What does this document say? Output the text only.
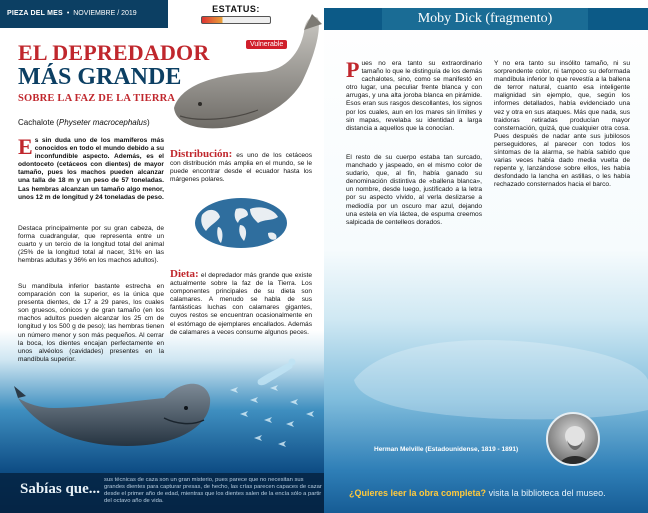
PIEZA DEL MES • NOVIEMBRE / 2019	ESTATUS:
Vulnerable
EL DEPREDADOR
MÁS GRANDE
SOBRE LA FAZ DE LA TIERRA
Cachalote (Physeter macrocephalus)
Es sin duda uno de los mamíferos más conocidos en todo el mundo debido a su inconfundible aspecto. Además, es el odontoceto (cetáceos con dientes) de mayor tamaño, pues los machos pueden alcanzar una talla de 18 m y un peso de 57 toneladas. Las hembras alcanzan un tamaño algo menor, unos 12 m de longitud y 24 toneladas de peso.
Destaca principalmente por su gran cabeza, de forma cuadrangular, que representa entre un cuarto y un tercio de la longitud total del animal (25% de la longitud total al nacer, 31% en las hembras adultas y 36% en los machos adultos).
Su mandíbula inferior bastante estrecha en comparación con la superior, es la única que presenta dientes, de 17 a 29 pares, los cuales son gruesos, cónicos y de gran tamaño (en los machos adultos pueden alcanzar los 25 cm de longitud y los 500 g de peso); las hembras tienen un número menor y son más pequeños. Al cerrar la boca, los dientes encajan perfectamente en unos alvéolos (cavidades) presentes en la mandíbula superior.
Distribución: es uno de los cetáceos con distribución más amplia en el mundo, se le puede encontrar desde el ecuador hasta los márgenes polares.
Dieta: el depredador más grande que existe actualmente sobre la faz de la Tierra. Los componentes principales de su dieta son calamares. A menudo se habla de sus fantásticas luchas con calamares gigantes, cuyos restos se encuentran ocasionalmente en el estómago de ejemplares encallados. Además de calamares a veces consume algunos peces.
Sabías que...
sus técnicas de caza son un gran misterio, pues parece que no necesitan sus grandes dientes para capturar presas, de hecho, las crías parecen capaces de cazar desde el primer año de edad, mientras que los dientes salen de la encía sólo a partir del octavo año de vida.
Moby Dick (fragmento)
Pues no era tanto su extraordinario tamaño lo que le distinguía de los demás cachalotes, sino, como se manifestó en otro lugar, una peculiar frente blanca y con arrugas, y una alta joroba blanca en pirámide. Esos eran sus rasgos descollantes, los signos por los cuales, aun en los mares sin límites y sin mapas, revelaba su identidad a larga distancia a aquellos que la conocían.
El resto de su cuerpo estaba tan surcado, manchado y jaspeado, en el mismo color de sudario, que, al fin, había ganado su denominación distintiva de «ballena blanca», un nombre, desde luego, justificado a la letra por su aspecto vívido, al verla deslizarse a mediodía por un oscuro mar azul, dejando una estela en vía láctea, de espuma creemos salpicada de centelleos dorados.
Y no era tanto su insólito tamaño, ni su sorprendente color, ni tampoco su deformada mandíbula inferior lo que revestía a la ballena de terror natural, cuanto esa inteligente malignidad sin ejemplo, que, según los informes detallados, había evidenciado una vez y otra en sus ataques. Más que nada, sus traidoras retiradas producían mayor consternación, quizá, que cualquier otra cosa. Pues después de nadar ante sus jubilosos perseguidores, al parecer con todos los síntomas de la alarma, se había sabido que varias veces había dado media vuelta de repente y, lanzándose sobre ellos, les había desfondado la lancha en astillas, o les había rechazado consternados hacia el barco.
Herman Melville (Estadounidense, 1819 - 1891)
¿Quieres leer la obra completa? visita la biblioteca del museo.
